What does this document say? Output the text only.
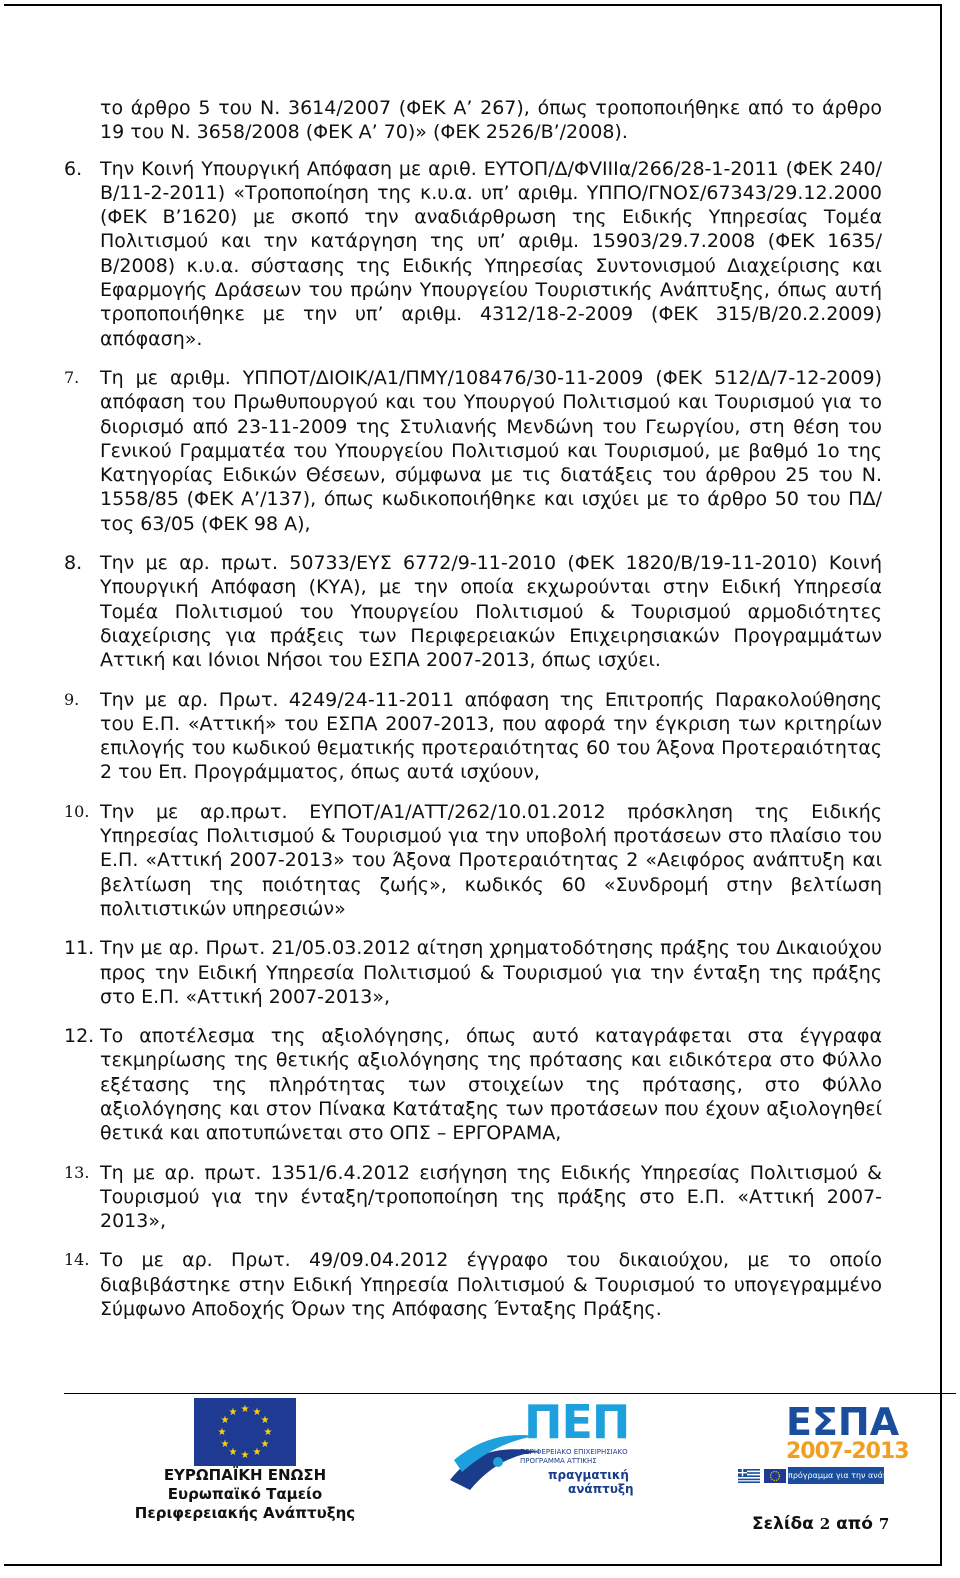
το άρθρο 5 του Ν. 3614/2007 (ΦΕΚ Α’ 267), όπως τροποποιήθηκε από το άρθρο 19 του Ν. 3658/2008 (ΦΕΚ Α’ 70)» (ΦΕΚ 2526/Β’/2008).
6. Την Κοινή Υπουργική Απόφαση με αριθ. ΕΥΤΟΠ/Δ/ΦVIIIα/266/28-1-2011 (ΦΕΚ 240/Β/11-2-2011) «Τροποποίηση της κ.υ.α. υπ’ αριθμ. ΥΠΠΟ/ΓΝΟΣ/67343/29.12.2000 (ΦΕΚ Β’1620) με σκοπό την αναδιάρθρωση της Ειδικής Υπηρεσίας Τομέα Πολιτισμού και την κατάργηση της υπ’ αριθμ. 15903/29.7.2008 (ΦΕΚ 1635/Β/2008) κ.υ.α. σύστασης της Ειδικής Υπηρεσίας Συντονισμού Διαχείρισης και Εφαρμογής Δράσεων του πρώην Υπουργείου Τουριστικής Ανάπτυξης, όπως αυτή τροποποιήθηκε με την υπ’ αριθμ. 4312/18-2-2009 (ΦΕΚ 315/Β/20.2.2009) απόφαση».
7. Τη με αριθμ. ΥΠΠΟΤ/ΔΙΟΙΚ/Α1/ΠΜΥ/108476/30-11-2009 (ΦΕΚ 512/Δ/7-12-2009) απόφαση του Πρωθυπουργού και του Υπουργού Πολιτισμού και Τουρισμού για το διορισμό από 23-11-2009 της Στυλιανής Μενδώνη του Γεωργίου, στη θέση του Γενικού Γραμματέα του Υπουργείου Πολιτισμού και Τουρισμού, με βαθμό 1ο της Κατηγορίας Ειδικών Θέσεων, σύμφωνα με τις διατάξεις του άρθρου 25 του Ν. 1558/85 (ΦΕΚ Α’/137), όπως κωδικοποιήθηκε και ισχύει με το άρθρο 50 του ΠΔ/τος 63/05 (ΦΕΚ 98 Α),
8. Την με αρ. πρωτ. 50733/ΕΥΣ 6772/9-11-2010 (ΦΕΚ 1820/Β/19-11-2010) Κοινή Υπουργική Απόφαση (ΚΥΑ), με την οποία εκχωρούνται στην Ειδική Υπηρεσία Τομέα Πολιτισμού του Υπουργείου Πολιτισμού & Τουρισμού αρμοδιότητες διαχείρισης για πράξεις των Περιφερειακών Επιχειρησιακών Προγραμμάτων Αττική και Ιόνιοι Νήσοι του ΕΣΠΑ 2007-2013, όπως ισχύει.
9. Την με αρ. Πρωτ. 4249/24-11-2011 απόφαση της Επιτροπής Παρακολούθησης του Ε.Π. «Αττική» του ΕΣΠΑ 2007-2013, που αφορά την έγκριση των κριτηρίων επιλογής του κωδικού θεματικής προτεραιότητας 60 του Άξονα Προτεραιότητας 2 του Επ. Προγράμματος, όπως αυτά ισχύουν,
10. Την με αρ.πρωτ. ΕΥΠΟΤ/Α1/ΑΤΤ/262/10.01.2012 πρόσκληση της Ειδικής Υπηρεσίας Πολιτισμού & Τουρισμού για την υποβολή προτάσεων στο πλαίσιο του Ε.Π. «Αττική 2007-2013» του Άξονα Προτεραιότητας 2 «Αειφόρος ανάπτυξη και βελτίωση της ποιότητας ζωής», κωδικός 60 «Συνδρομή στην βελτίωση πολιτιστικών υπηρεσιών»
11. Την με αρ. Πρωτ. 21/05.03.2012 αίτηση χρηματοδότησης πράξης του Δικαιούχου προς την Ειδική Υπηρεσία Πολιτισμού & Τουρισμού για την ένταξη της πράξης στο Ε.Π. «Αττική 2007-2013»,
12. Το αποτέλεσμα της αξιολόγησης, όπως αυτό καταγράφεται στα έγγραφα τεκμηρίωσης της θετικής αξιολόγησης της πρότασης και ειδικότερα στο Φύλλο εξέτασης της πληρότητας των στοιχείων της πρότασης, στο Φύλλο αξιολόγησης και στον Πίνακα Κατάταξης των προτάσεων που έχουν αξιολογηθεί θετικά και αποτυπώνεται στο ΟΠΣ – ΕΡΓΟΡΑΜΑ,
13. Τη με αρ. πρωτ. 1351/6.4.2012 εισήγηση της Ειδικής Υπηρεσίας Πολιτισμού & Τουρισμού για την ένταξη/τροποποίηση της πράξης στο Ε.Π. «Αττική 2007-2013»,
14. Το με αρ. Πρωτ. 49/09.04.2012 έγγραφο του δικαιούχου, με το οποίο διαβιβάστηκε στην Ειδική Υπηρεσία Πολιτισμού & Τουρισμού το υπογεγραμμένο Σύμφωνο Αποδοχής Όρων της Απόφασης Ένταξης Πράξης.
★ ★
★
★
★
★
★
★
★
★
★
★
ΕΥΡΩΠΑΪΚΗ ΕΝΩΣΗ
Ευρωπαϊκό Ταμείο
Περιφερειακής Ανάπτυξης
ΠΕΠ
ΠΕΡΙΦΕΡΕΙΑΚΟ ΕΠΙΧΕΙΡΗΣΙΑΚΟ
ΠΡΟΓΡΑΜΜΑ ΑΤΤΙΚΗΣ
πραγματική
ανάπτυξη
ΕΣΠΑ
2007-2013
πρόγραμμα για την ανάπτυξη
Σελίδα 2 από 7
